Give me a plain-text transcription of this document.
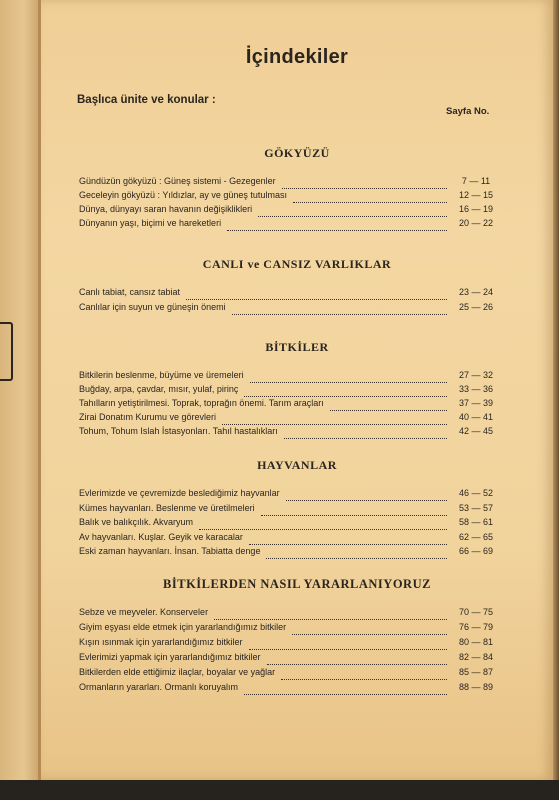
İçindekiler
Başlıca ünite ve konular :
Sayfa No.
GÖKYÜZÜ
Gündüzün gökyüzü : Güneş sistemi - Gezegenler	7 — 11
Geceleyin gökyüzü : Yıldızlar, ay ve güneş tutulması	12 — 15
Dünya, dünyayı saran havanın değişiklikleri	16 — 19
Dünyanın yaşı, biçimi ve hareketleri	20 — 22
CANLI ve CANSIZ VARLIKLAR
Canlı tabiat, cansız tabiat	23 — 24
Canlılar için suyun ve güneşin önemi	25 — 26
BİTKİLER
Bitkilerin beslenme, büyüme ve üremeleri	27 — 32
Buğday, arpa, çavdar, mısır, yulaf, pirinç	33 — 36
Tahılların yetiştirilmesi. Toprak, toprağın önemi. Tarım araçları	37 — 39
Zirai Donatım Kurumu ve görevleri	40 — 41
Tohum, Tohum Islah İstasyonları. Tahıl hastalıkları	42 — 45
HAYVANLAR
Evlerimizde ve çevremizde beslediğimiz hayvanlar	46 — 52
Kümes hayvanları. Beslenme ve üretilmeleri	53 — 57
Balık ve balıkçılık. Akvaryum	58 — 61
Av hayvanları. Kuşlar. Geyik ve karacalar	62 — 65
Eski zaman hayvanları. İnsan. Tabiatta denge	66 — 69
BİTKİLERDEN NASIL YARARLANIYORUZ
Sebze ve meyveler. Konserveler	70 — 75
Giyim eşyası elde etmek için yararlandığımız bitkiler	76 — 79
Kışın ısınmak için yararlandığımız bitkiler	80 — 81
Evlerimizi yapmak için yararlandığımız bitkiler	82 — 84
Bitkilerden elde ettiğimiz ilaçlar, boyalar ve yağlar	85 — 87
Ormanların yararları. Ormanlı koruyalım	88 — 89
